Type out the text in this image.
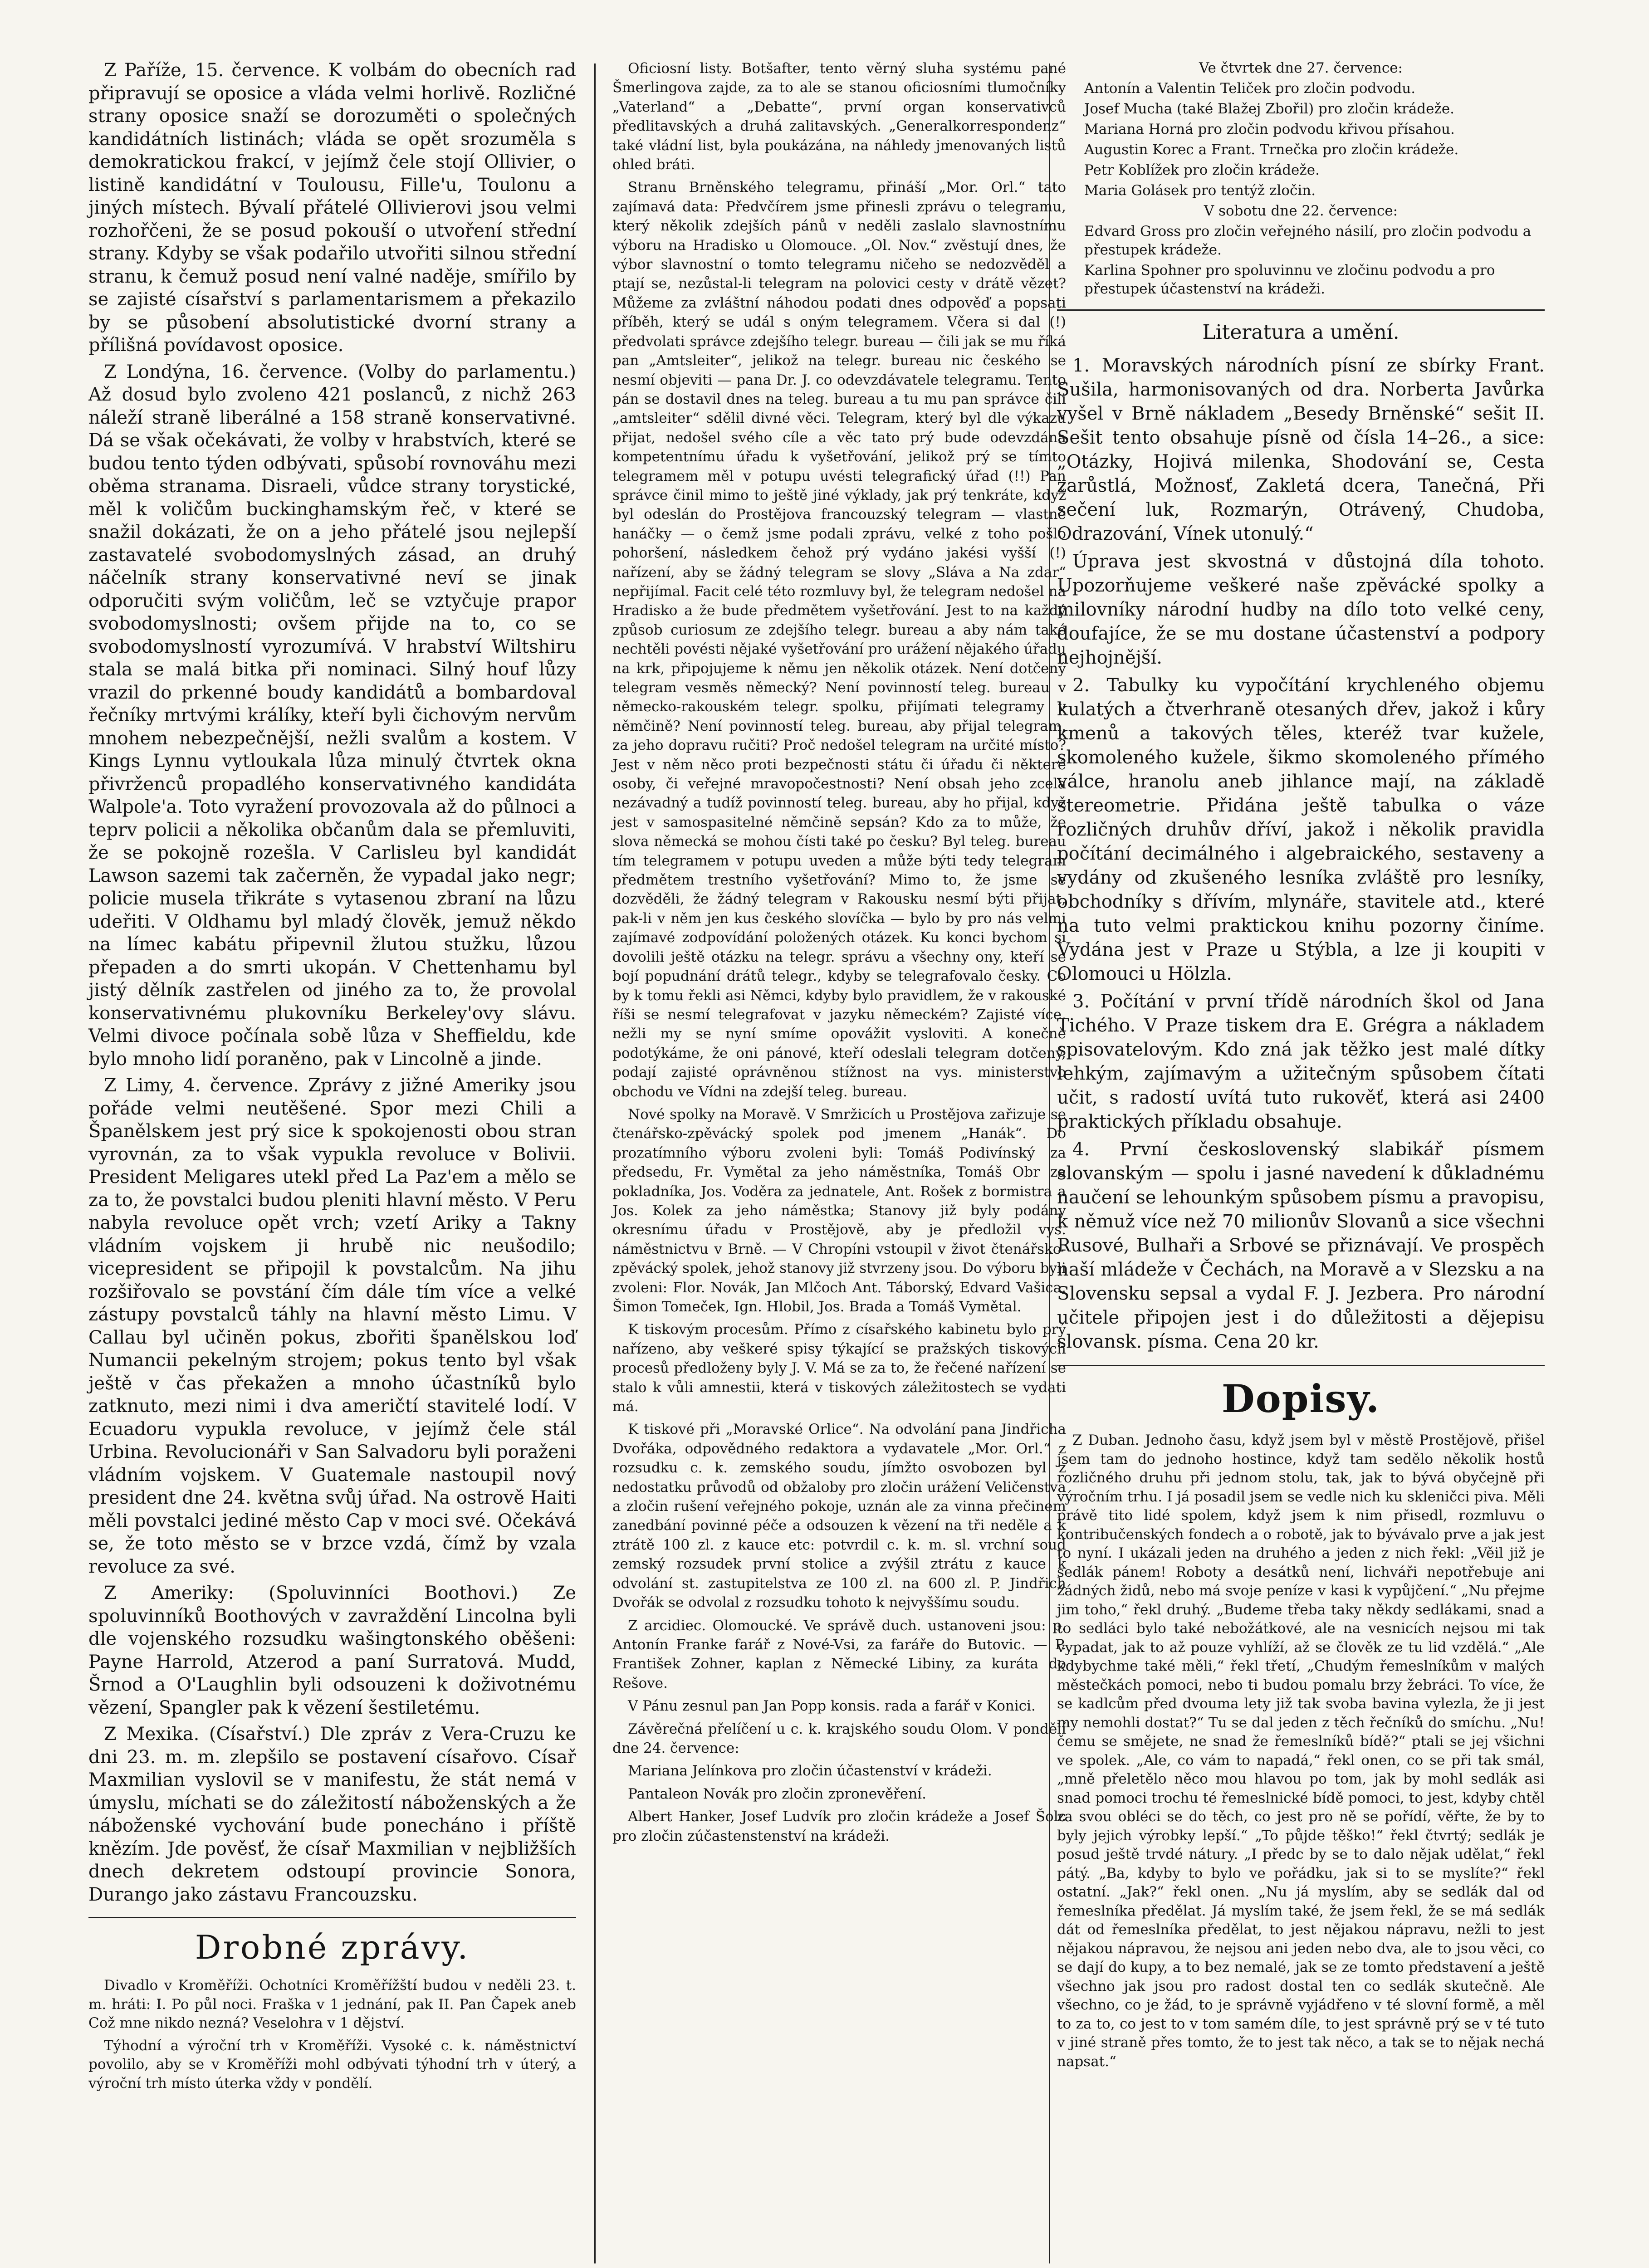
Z Paříže, 15. července. K volbám do obecních rad připravují se oposice a vláda velmi horlivě. Rozličné strany oposice snaží se dorozuměti o společných kandidátních listinách; vláda se opět srozuměla s demokratickou frakcí, v jejímž čele stojí Ollivier, o listině kandidátní v Toulousu, Fille'u, Toulonu a jiných místech. Bývalí přátelé Ollivierovi jsou velmi rozhořčeni, že se posud pokouší o utvoření střední strany. Kdyby se však podařilo utvořiti silnou střední stranu, k čemuž posud není valné naděje, smířilo by se zajisté císařství s parlamentarismem a překazilo by se působení absolutistické dvorní strany a přílišná povídavost oposice.

Z Londýna, 16. července. (Volby do parlamentu.) Až dosud bylo zvoleno 421 poslanců, z nichž 263 náleží straně liberálné a 158 straně konservativné. Dá se však očekávati, že volby v hrabstvích, které se budou tento týden odbývati, spůsobí rovnováhu mezi oběma stranama. Disraeli, vůdce strany torystické, měl k voličům buckinghamským řeč, v které se snažil dokázati, že on a jeho přátelé jsou nejlepší zastavatelé svobodomyslných zásad, an druhý náčelník strany konservativné neví se jinak odporučiti svým voličům, leč se vztyčuje prapor svobodomyslnosti; ovšem přijde na to, co se svobodomyslností vyrozumívá. V hrabství Wiltshiru stala se malá bitka při nominaci. Silný houf lůzy vrazil do prkenné boudy kandidátů a bombardoval řečníky mrtvými králíky, kteří byli čichovým nervům mnohem nebezpečnější, nežli svalům a kostem. V Kings Lynnu vytloukala lůza minulý čtvrtek okna přivrženců propadlého konservativného kandidáta Walpole'a. Toto vyražení provozovala až do půlnoci a teprv policii a několika občanům dala se přemluviti, že se pokojně rozešla. V Carlisleu byl kandidát Lawson sazemi tak začerněn, že vypadal jako negr; policie musela třikráte s vytasenou zbraní na lůzu udeřiti. V Oldhamu byl mladý člověk, jemuž někdo na límec kabátu připevnil žlutou stužku, lůzou přepaden a do smrti ukopán. V Chettenhamu byl jistý dělník zastřelen od jiného za to, že provolal konservativnému plukovníku Berkeley'ovy slávu. Velmi divoce počínala sobě lůza v Sheffieldu, kde bylo mnoho lidí poraněno, pak v Lincolně a jinde.

Z Limy, 4. července. Zprávy z jižné Ameriky jsou pořáde velmi neutěšené. Spor mezi Chili a Španělskem jest prý sice k spokojenosti obou stran vyrovnán, za to však vypukla revoluce v Bolivii. President Meligares utekl před La Paz'em a mělo se za to, že povstalci budou pleniti hlavní město. V Peru nabyla revoluce opět vrch; vzetí Ariky a Takny vládním vojskem ji hrubě nic neušodilo; vicepresident se připojil k povstalcům. Na jihu rozšiřovalo se povstání čím dále tím více a velké zástupy povstalců táhly na hlavní město Limu. V Callau byl učiněn pokus, zbořiti španělskou loď Numancii pekelným strojem; pokus tento byl však ještě v čas překažen a mnoho účastníků bylo zatknuto, mezi nimi i dva američtí stavitelé lodí. V Ecuadoru vypukla revoluce, v jejímž čele stál Urbina. Revolucionáři v San Salvadoru byli poraženi vládním vojskem. V Guatemale nastoupil nový president dne 24. května svůj úřad. Na ostrově Haiti měli povstalci jediné město Cap v moci své. Očekává se, že toto město se v brzce vzdá, čímž by vzala revoluce za své.

Z Ameriky: (Spoluvinníci Boothovi.) Ze spoluvinníků Boothových v zavraždění Lincolna byli dle vojenského rozsudku wašingtonského oběšeni: Payne Harrold, Atzerod a paní Surratová. Mudd, Šrnod a O'Laughlin byli odsouzeni k doživotnému vězení, Spangler pak k vězení šestiletému.

Z Mexika. (Císařství.) Dle zpráv z Vera-Cruzu ke dni 23. m. m. zlepšilo se postavení císařovo. Císař Maxmilian vyslovil se v manifestu, že stát nemá v úmyslu, míchati se do záležitostí náboženských a že náboženské vychování bude ponecháno i příště knězím. Jde pověsť, že císař Maxmilian v nejbližších dnech dekretem odstoupí provincie Sonora, Durango jako zástavu Francouzsku.

Drobné zprávy.

Divadlo v Kroměříži. Ochotníci Kroměřížští budou v neděli 23. t. m. hráti: I. Po půl noci. Fraška v 1 jednání, pak II. Pan Čapek aneb Což mne nikdo nezná? Veselohra v 1 dějství.

Týhodní a výroční trh v Kroměříži. Vysoké c. k. náměstnictví povolilo, aby se v Kroměříži mohl odbývati týhodní trh v úterý, a výroční trh místo úterka vždy v pondělí.

Oficiosní listy. Botšafter, tento věrný sluha systému pané Šmerlingova zajde, za to ale se stanou oficiosními tlumočníky „Vaterland“ a „Debatte“, první organ konservativců předlitavských a druhá zalitavských. „Generalkorrespondenz“ také vládní list, byla poukázána, na náhledy jmenovaných listů ohled bráti.

Stranu Brněnského telegramu, přináší „Mor. Orl.“ tato zajímavá data: Předvčírem jsme přinesli zprávu o telegramu, který několik zdejších pánů v neděli zaslalo slavnostnímu výboru na Hradisko u Olomouce. „Ol. Nov.“ zvěstují dnes, že výbor slavnostní o tomto telegramu ničeho se nedozvěděl a ptají se, nezůstal-li telegram na polovici cesty v drátě vězet? Můžeme za zvláštní náhodou podati dnes odpověď a popsati příběh, který se udál s oným telegramem. Včera si dal (!) předvolati správce zdejšího telegr. bureau — čili jak se mu říká pan „Amtsleiter“, jelikož na telegr. bureau nic českého se nesmí objeviti — pana Dr. J. co odevzdávatele telegramu. Tento pán se dostavil dnes na teleg. bureau a tu mu pan správce čili „amtsleiter“ sdělil divné věci. Telegram, který byl dle výkazu přijat, nedošel svého cíle a věc tato prý bude odevzdána kompetentnímu úřadu k vyšetřování, jelikož prý se tímto telegramem měl v potupu uvésti telegrafický úřad (!!) Pan správce činil mimo to ještě jiné výklady, jak prý tenkráte, když byl odeslán do Prostějova francouzský telegram — vlastně hanáčky — o čemž jsme podali zprávu, velké z toho pošlo pohoršení, následkem čehož prý vydáno jakési vyšší (!) nařízení, aby se žádný telegram se slovy „Sláva a Na zdar“ nepřijímal. Facit celé této rozmluvy byl, že telegram nedošel na Hradisko a že bude předmětem vyšetřování. Jest to na každý způsob curiosum ze zdejšího telegr. bureau a aby nám také nechtěli povésti nějaké vyšetřování pro urážení nějakého úřadu na krk, připojujeme k němu jen několik otázek. Není dotčený telegram vesměs německý? Není povinností teleg. bureau v německo-rakouském telegr. spolku, přijímati telegramy v němčině? Není povinností teleg. bureau, aby přijal telegram, za jeho dopravu ručiti? Proč nedošel telegram na určité místo? Jest v něm něco proti bezpečnosti státu či úřadu či některé osoby, či veřejné mravopočestnosti? Není obsah jeho zcela nezávadný a tudíž povinností teleg. bureau, aby ho přijal, když jest v samospasitelné němčině sepsán? Kdo za to může, že slova německá se mohou čísti také po česku? Byl teleg. bureau tím telegramem v potupu uveden a může býti tedy telegram předmětem trestního vyšetřování? Mimo to, že jsme se dozvěděli, že žádný telegram v Rakousku nesmí býti přijat, pak-li v něm jen kus českého slovíčka — bylo by pro nás velmi zajímavé zodpovídání položených otázek. Ku konci bychom si dovolili ještě otázku na telegr. správu a všechny ony, kteří se bojí popudnání drátů telegr., kdyby se telegrafovalo česky. Co by k tomu řekli asi Němci, kdyby bylo pravidlem, že v rakouské říši se nesmí telegrafovat v jazyku německém? Zajisté více, nežli my se nyní smíme opovážit vysloviti. A konečně podotýkáme, že oni pánové, kteří odeslali telegram dotčený, podají zajisté oprávněnou stížnost na vys. ministerstvo obchodu ve Vídni na zdejší teleg. bureau.

Nové spolky na Moravě. V Smržicích u Prostějova zařizuje se čtenářsko-zpěvácký spolek pod jmenem „Hanák“. Do prozatímního výboru zvoleni byli: Tomáš Podivínský za předsedu, Fr. Vymětal za jeho náměstníka, Tomáš Obr za pokladníka, Jos. Voděra za jednatele, Ant. Rošek z bormistra a Jos. Kolek za jeho náměstka; Stanovy již byly podány okresnímu úřadu v Prostějově, aby je předložil vys. náměstnictvu v Brně. — V Chropíni vstoupil v život čtenářsko-zpěvácký spolek, jehož stanovy již stvrzeny jsou. Do výboru byli zvoleni: Flor. Novák, Jan Mlčoch Ant. Táborský, Edvard Vašica, Šimon Tomeček, Ign. Hlobil, Jos. Brada a Tomáš Vymětal.

K tiskovým procesům. Přímo z císařského kabinetu bylo prý nařízeno, aby veškeré spisy týkající se pražských tiskových procesů předloženy byly J. V. Má se za to, že řečené nařízení se stalo k vůli amnestii, která v tiskových záležitostech se vydati má.

K tiskové při „Moravské Orlice“. Na odvolání pana Jindřicha Dvořáka, odpovědného redaktora a vydavatele „Mor. Orl.“ z rozsudku c. k. zemského soudu, jímžto osvobozen byl z nedostatku průvodů od obžaloby pro zločin urážení Veličenstva a zločin rušení veřejného pokoje, uznán ale za vinna přečinem zanedbání povinné péče a odsouzen k vězení na tři neděle a k ztrátě 100 zl. z kauce etc: potvrdil c. k. m. sl. vrchní soud zemský rozsudek první stolice a zvýšil ztrátu z kauce k odvolání st. zastupitelstva ze 100 zl. na 600 zl. P. Jindřich Dvořák se odvolal z rozsudku tohoto k nejvyššímu soudu.

Z arcidiec. Olomoucké. Ve správě duch. ustanoveni jsou: p. Antonín Franke farář z Nové-Vsi, za faráře do Butovic. — P. František Zohner, kaplan z Německé Libiny, za kuráta do Rešove.

V Pánu zesnul pan Jan Popp konsis. rada a farář v Konici.

Závěrečná přelíčení u c. k. krajského soudu Olom. V pondělí dne 24. července:

Mariana Jelínkova pro zločin účastenství v krádeži.

Pantaleon Novák pro zločin zpronevěření.

Albert Hanker, Josef Ludvík pro zločin krádeže a Josef Šolc pro zločin zúčastenstenství na krádeži.

Ve čtvrtek dne 27. července:

Antonín a Valentin Teliček pro zločin podvodu.

Josef Mucha (také Blažej Zbořil) pro zločin krádeže.

Mariana Horná pro zločin podvodu křivou přísahou.

Augustin Korec a Frant. Trnečka pro zločin krádeže.

Petr Koblížek pro zločin krádeže.

Maria Golásek pro tentýž zločin.

V sobotu dne 22. července:

Edvard Gross pro zločin veřejného násilí, pro zločin podvodu a přestupek krádeže.

Karlina Spohner pro spoluvinnu ve zločinu podvodu a pro přestupek účastenství na krádeži.

Literatura a umění.

1. Moravských národních písní ze sbírky Frant. Sušila, harmonisovaných od dra. Norberta Javůrka vyšel v Brně nákladem „Besedy Brněnské“ sešit II. Sešit tento obsahuje písně od čísla 14–26., a sice: „Otázky, Hojivá milenka, Shodování se, Cesta zarůstlá, Možnosť, Zakletá dcera, Tanečná, Při sečení luk, Rozmarýn, Otrávený, Chudoba, Odrazování, Vínek utonulý.“

Úprava jest skvostná v důstojná díla tohoto. Upozorňujeme veškeré naše zpěvácké spolky a milovníky národní hudby na dílo toto velké ceny, doufajíce, že se mu dostane účastenství a podpory nejhojnější.

2. Tabulky ku vypočítání krychleného objemu kulatých a čtverhraně otesaných dřev, jakož i kůry kmenů a takových těles, kteréž tvar kužele, skomoleného kužele, šikmo skomoleného přímého válce, hranolu aneb jihlance mají, na základě stereometrie. Přidána ještě tabulka o váze rozličných druhův dříví, jakož i několik pravidla počítání decimálného i algebraického, sestaveny a vydány od zkušeného lesníka zvláště pro lesníky, obchodníky s dřívím, mlynáře, stavitele atd., které na tuto velmi praktickou knihu pozorny činíme. Vydána jest v Praze u Stýbla, a lze ji koupiti v Olomouci u Hölzla.

3. Počítání v první třídě národních škol od Jana Tichého. V Praze tiskem dra E. Grégra a nákladem spisovatelovým. Kdo zná jak těžko jest malé dítky lehkým, zajímavým a užitečným spůsobem čítati učit, s radostí uvítá tuto rukověť, která asi 2400 praktických příkladu obsahuje.

4. První československý slabikář písmem slovanským — spolu i jasné navedení k důkladnému naučení se lehounkým spůsobem písmu a pravopisu, k němuž více než 70 milionův Slovanů a sice všechni Rusové, Bulhaři a Srbové se přiznávají. Ve prospěch naší mládeže v Čechách, na Moravě a v Slezsku a na Slovensku sepsal a vydal F. J. Jezbera. Pro národní učitele připojen jest i do důležitosti a dějepisu slovansk. písma. Cena 20 kr.

Dopisy.

Z Duban. Jednoho času, když jsem byl v městě Prostějově, přišel jsem tam do jednoho hostince, když tam sedělo několik hostů rozličného druhu při jednom stolu, tak, jak to bývá obyčejně při výročním trhu. I já posadil jsem se vedle nich ku skleničci piva. Měli právě tito lidé spolem, když jsem k nim přisedl, rozmluvu o kontribučenských fondech a o robotě, jak to bývávalo prve a jak jest to nyní. I ukázali jeden na druhého a jeden z nich řekl: „Věil již je sedlák pánem! Roboty a desátků není, lichváři nepotřebuje ani žádných židů, nebo má svoje peníze v kasi k vypůjčení.“ „Nu přejme jim toho,“ řekl druhý. „Budeme třeba taky někdy sedlákami, snad a to sedláci bylo také nebožátkové, ale na vesnicích nejsou mi tak vypadat, jak to až pouze vyhlíží, až se člověk ze tu lid vzdělá.“ „Ale kdybychme také měli,“ řekl třetí, „Chudým řemeslníkům v malých městečkách pomoci, nebo ti budou pomalu brzy žebráci. To více, že se kadlcům před dvouma lety již tak svoba bavina vylezla, že ji jest my nemohli dostat?“ Tu se dal jeden z těch řečníků do smíchu. „Nu! čemu se smějete, ne snad že řemeslníků bídě?“ ptali se jej všichni ve spolek. „Ale, co vám to napadá,“ řekl onen, co se při tak smál, „mně přeletělo něco mou hlavou po tom, jak by mohl sedlák asi snad pomoci trochu té řemeslnické bídě pomoci, to jest, kdyby chtěl za svou obléci se do těch, co jest pro ně se pořídí, věřte, že by to byly jejich výrobky lepší.“ „To půjde těško!“ řekl čtvrtý; sedlák je posud ještě trvdé nátury. „I předc by se to dalo nějak udělat,“ řekl pátý. „Ba, kdyby to bylo ve pořádku, jak si to se myslíte?“ řekl ostatní. „Jak?“ řekl onen. „Nu já myslím, aby se sedlák dal od řemeslníka předělat. Já myslím také, že jsem řekl, že se má sedlák dát od řemeslníka předělat, to jest nějakou nápravu, nežli to jest nějakou nápravou, že nejsou ani jeden nebo dva, ale to jsou věci, co se dají do kupy, a to bez nemalé, jak se ze tomto představení a ještě všechno jak jsou pro radost dostal ten co sedlák skutečně. Ale všechno, co je žád, to je správně vyjádřeno v té slovní formě, a měl to za to, co jest to v tom samém díle, to jest správně prý se v té tuto v jiné straně přes tomto, že to jest tak něco, a tak se to nějak nechá napsat.“
